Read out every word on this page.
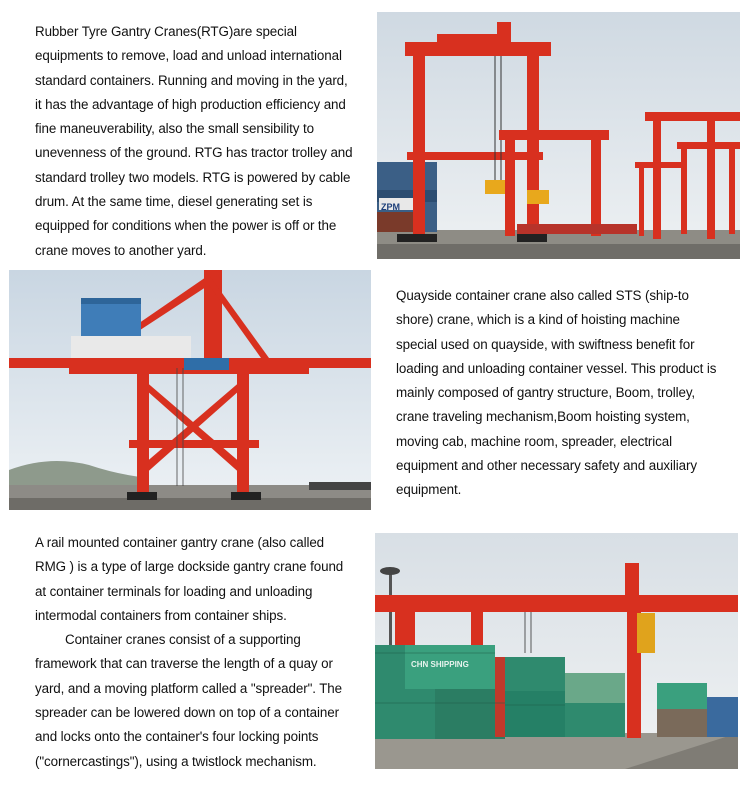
Rubber Tyre Gantry Cranes(RTG)are special equipments to remove, load and unload international standard containers. Running and moving in the yard, it has the advantage of high production efficiency and fine maneuverability, also the small sensibility to unevenness of the ground. RTG has tractor trolley and standard trolley two models. RTG is powered by cable drum. At the same time, diesel generating set is equipped for conditions when the power is off or the crane moves to another yard.

ZPM

Quayside container crane also called STS (ship-to shore) crane, which is a kind of hoisting machine special used on quayside, with swiftness benefit for loading and unloading container vessel. This product is mainly composed of gantry structure, Boom, trolley, crane traveling mechanism,Boom hoisting system, moving cab, machine room, spreader, electrical equipment and other necessary safety and auxiliary equipment.

A rail mounted container gantry crane (also called RMG ) is a type of large dockside gantry crane found at container terminals for loading and unloading intermodal containers from container ships.

Container cranes consist of a supporting framework that can traverse the length of a quay or yard, and a moving platform called a "spreader". The spreader can be lowered down on top of a container and locks onto the container's four locking points ("cornercastings"), using a twistlock mechanism.

CHN SHIPPING
